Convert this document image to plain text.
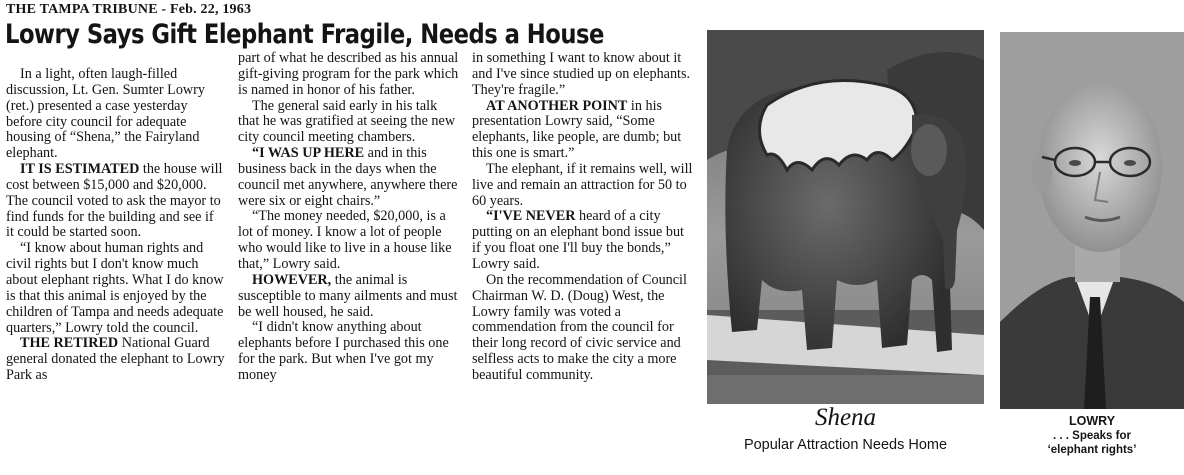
THE TAMPA TRIBUNE - Feb. 22, 1963
Lowry Says Gift Elephant Fragile, Needs a House

In a light, often laugh-filled discussion, Lt. Gen. Sumter Lowry (ret.) presented a case yesterday before city council for adequate housing of “Shena,” the Fairyland elephant.

IT IS ESTIMATED the house will cost between $15,000 and $20,000. The council voted to ask the mayor to find funds for the building and see if it could be started soon.

“I know about human rights and civil rights but I don't know much about elephant rights. What I do know is that this animal is enjoyed by the children of Tampa and needs adequate quarters,” Lowry told the council.

THE RETIRED National Guard general donated the elephant to Lowry Park as

part of what he described as his annual gift-giving program for the park which is named in honor of his father.

The general said early in his talk that he was gratified at seeing the new city council meeting chambers.

“I WAS UP HERE and in this business back in the days when the council met anywhere, anywhere there were six or eight chairs.”

“The money needed, $20,000, is a lot of money. I know a lot of people who would like to live in a house like that,” Lowry said.

HOWEVER, the animal is susceptible to many ailments and must be well housed, he said.

“I didn't know anything about elephants before I purchased this one for the park. But when I've got my money

in something I want to know about it and I've since studied up on elephants. They're fragile.”

AT ANOTHER POINT in his presentation Lowry said, “Some elephants, like people, are dumb; but this one is smart.”

The elephant, if it remains well, will live and remain an attraction for 50 to 60 years.

“I'VE NEVER heard of a city putting on an elephant bond issue but if you float one I'll buy the bonds,” Lowry said.

On the recommendation of Council Chairman W. D. (Doug) West, the Lowry family was voted a commendation from the council for their long record of civic service and selfless acts to make the city a more beautiful community.

Shena
Popular Attraction Needs Home
LOWRY
. . . Speaks for
‘elephant rights’
